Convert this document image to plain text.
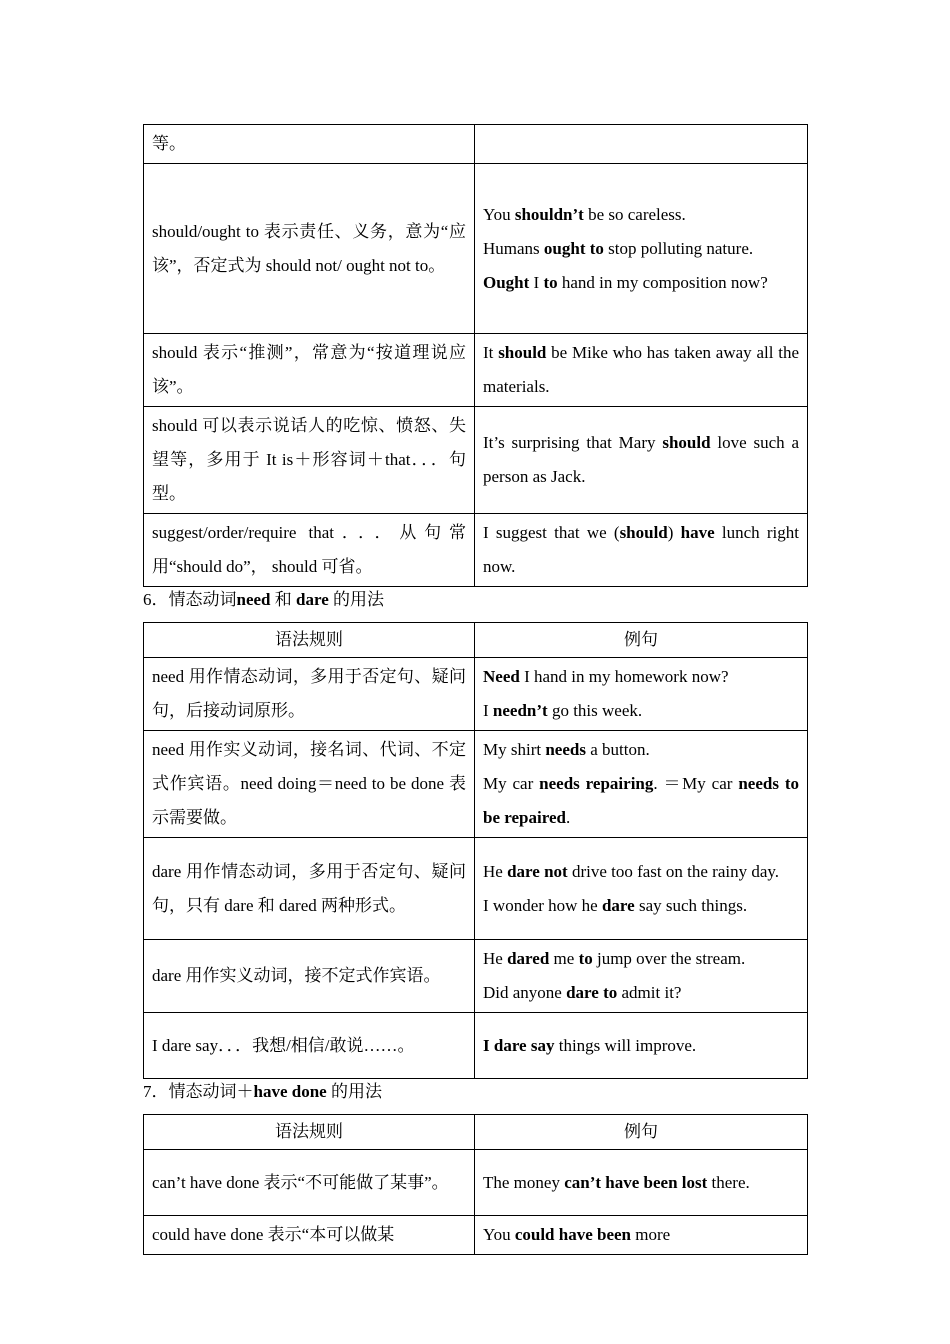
等。	
should/ought to 表示责任、义务，意为“应该”，否定式为 should not/ ought not to。	You shouldn’t be so careless.

Humans ought to stop polluting nature.

Ought I to hand in my composition now?

should 表示“推测”，常意为“按道理说应该”。	It should be Mike who has taken away all the materials.

should 可以表示说话人的吃惊、愤怒、失望等，多用于 It is＋形容词＋that．．．句型。	It’s surprising that Mary should love such a person as Jack.

suggest/order/require that．．．从句常用“should do”， should 可省。	I suggest that we (should) have lunch right now.

6．情态动词need 和 dare 的用法
语法规则	例句
need 用作情态动词，多用于否定句、疑问句，后接动词原形。	Need I hand in my homework now?

I needn’t go this week.

need 用作实义动词，接名词、代词、不定式作宾语。need doing＝need to be done 表示需要做。	My shirt needs a button.

My car needs repairing. ＝My car needs to be repaired.

dare 用作情态动词，多用于否定句、疑问句，只有 dare 和 dared 两种形式。	He dare not drive too fast on the rainy day.

I wonder how he dare say such things.

dare 用作实义动词，接不定式作宾语。	He dared me to jump over the stream.

Did anyone dare to admit it?

I dare say．．．我想/相信/敢说……。	I dare say things will improve.

7．情态动词＋have done 的用法
语法规则	例句
can’t have done 表示“不可能做了某事”。	The money can’t have been lost there.

could have done 表示“本可以做某	You could have been more
